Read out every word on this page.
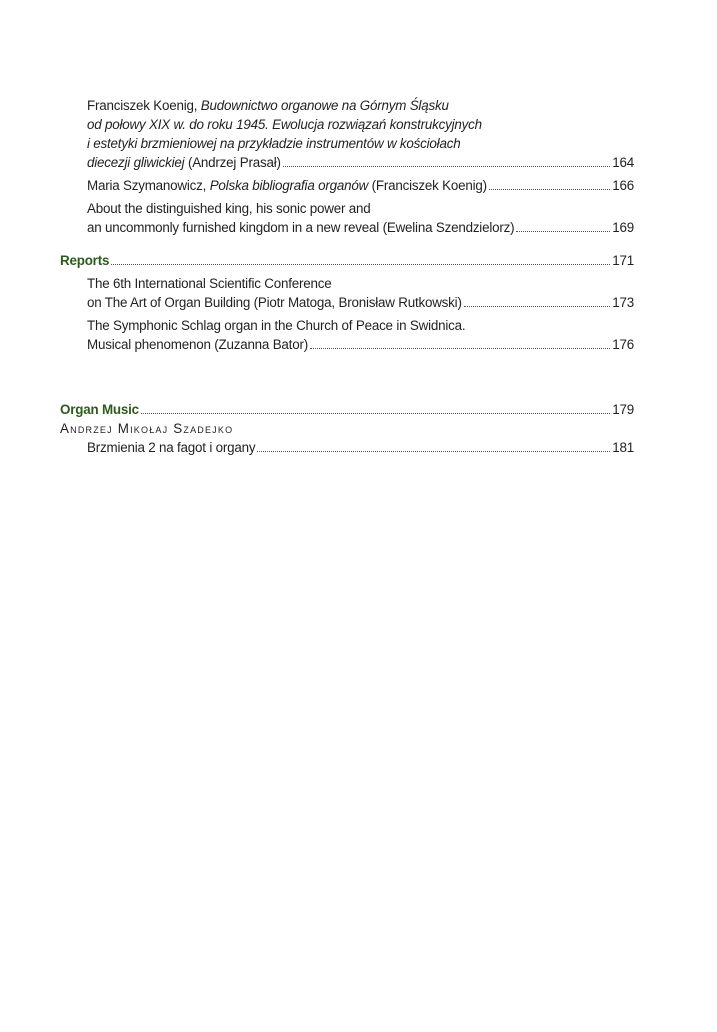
Franciszek Koenig, Budownictwo organowe na Górnym Śląsku
od połowy XIX w. do roku 1945. Ewolucja rozwiązań konstrukcyjnych
i estetyki brzmieniowej na przykładzie instrumentów w kościołach
diecezji gliwickiej (Andrzej Prasał)	164
Maria Szymanowicz, Polska bibliografia organów (Franciszek Koenig)	166
About the distinguished king, his sonic power and
an uncommonly furnished kingdom in a new reveal (Ewelina Szendzielorz)	169
Reports	171
The 6th International Scientific Conference
on The Art of Organ Building (Piotr Matoga, Bronisław Rutkowski)	173
The Symphonic Schlag organ in the Church of Peace in Swidnica.
Musical phenomenon (Zuzanna Bator)	176
Organ Music	179
Andrzej Mikołaj Szadejko
Brzmienia 2 na fagot i organy	181
